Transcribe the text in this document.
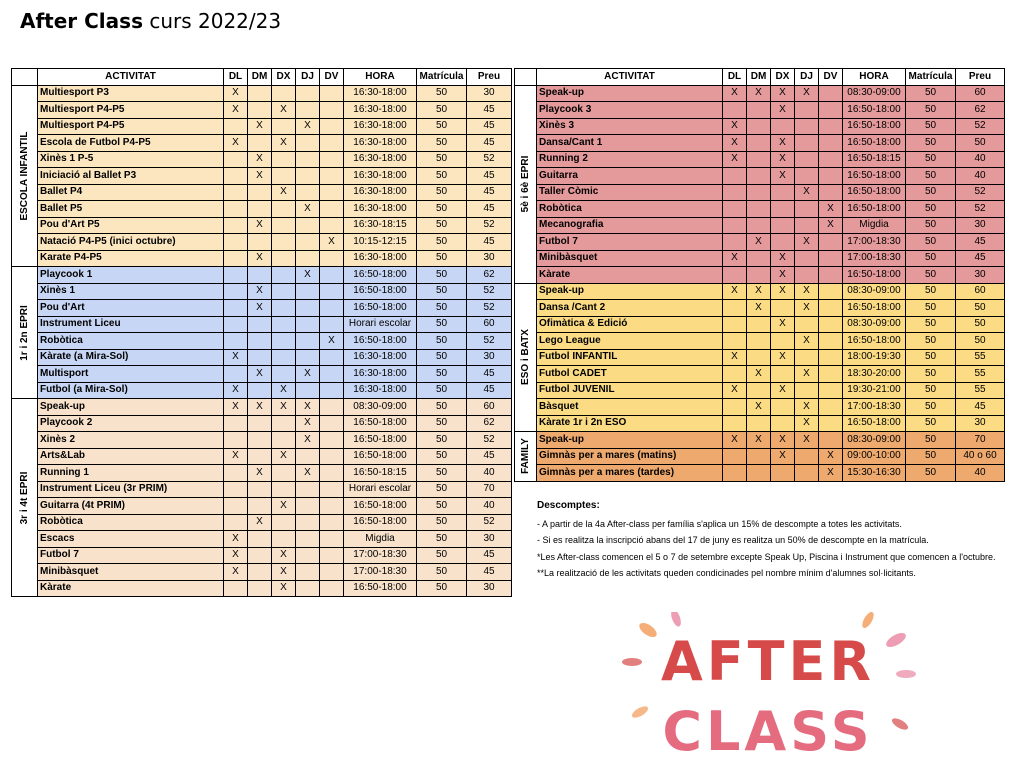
After Class curs 2022/23
	ACTIVITAT	DL	DM	DX	DJ	DV	HORA	Matrícula	Preu

ESCOLA INFANTIL	Multiesport P3	X					16:30-18:00	50	30
	Multiesport P4-P5	X		X			16:30-18:00	50	45
	Multiesport P4-P5		X		X		16:30-18:00	50	45
	Escola de Futbol P4-P5	X		X			16:30-18:00	50	45
	Xinès 1 P-5		X				16:30-18:00	50	52
	Iniciació al Ballet P3		X				16:30-18:00	50	45
	Ballet P4			X			16:30-18:00	50	45
	Ballet P5				X		16:30-18:00	50	45
	Pou d'Art P5		X				16:30-18:15	50	52
	Natació P4-P5 (inici octubre)					X	10:15-12:15	50	45
	Karate P4-P5		X				16:30-18:00	50	30

1r i 2n EPRI	Playcook 1				X		16:50-18:00	50	62
	Xinès 1		X				16:50-18:00	50	52
	Pou d'Art		X				16:50-18:00	50	52
	Instrument Liceu						Horari escolar	50	60
	Robòtica					X	16:50-18:00	50	52
	Kàrate (a Mira-Sol)	X					16:30-18:00	50	30
	Multisport		X		X		16:30-18:00	50	45
	Futbol (a Mira-Sol)	X		X			16:30-18:00	50	45

3r i 4t EPRI	Speak-up	X	X	X	X		08:30-09:00	50	60
	Playcook 2				X		16:50-18:00	50	62
	Xinès 2				X		16:50-18:00	50	52
	Arts&Lab	X		X			16:50-18:00	50	45
	Running 1		X		X		16:50-18:15	50	40
	Instrument Liceu (3r PRIM)						Horari escolar	50	70
	Guitarra (4t PRIM)			X			16:50-18:00	50	40
	Robòtica		X				16:50-18:00	50	52
	Escacs	X					Migdia	50	30
	Futbol 7	X		X			17:00-18:30	50	45
	Minibàsquet	X		X			17:00-18:30	50	45
	Kàrate			X			16:50-18:00	50	30
	ACTIVITAT	DL	DM	DX	DJ	DV	HORA	Matrícula	Preu

5è i 6è EPRI	Speak-up	X	X	X	X		08:30-09:00	50	60
	Playcook 3			X			16:50-18:00	50	62
	Xinès 3	X					16:50-18:00	50	52
	Dansa/Cant 1	X		X			16:50-18:00	50	50
	Running 2	X		X			16:50-18:15	50	40
	Guitarra			X			16:50-18:00	50	40
	Taller Còmic				X		16:50-18:00	50	52
	Robòtica					X	16:50-18:00	50	52
	Mecanografia					X	Migdia	50	30
	Futbol 7		X		X		17:00-18:30	50	45
	Minibàsquet	X		X			17:00-18:30	50	45
	Kàrate			X			16:50-18:00	50	30

ESO i BATX	Speak-up	X	X	X	X		08:30-09:00	50	60
	Dansa /Cant 2		X		X		16:50-18:00	50	50
	Ofimàtica & Edició			X			08:30-09:00	50	50
	Lego League				X		16:50-18:00	50	50
	Futbol INFANTIL	X		X			18:00-19:30	50	55
	Futbol CADET		X		X		18:30-20:00	50	55
	Futbol JUVENIL	X		X			19:30-21:00	50	55
	Bàsquet		X		X		17:00-18:30	50	45
	Kàrate 1r i 2n ESO				X		16:50-18:00	50	30

FAMILY	Speak-up	X	X	X	X		08:30-09:00	50	70
	Gimnàs per a mares (matins)			X		X	09:00-10:00	50	40 o 60
	Gimnàs per a mares (tardes)					X	15:30-16:30	50	40
Descomptes:

- A partir de la 4a After-class per família s'aplica un 15% de descompte a totes les activitats.

- Si es realitza la inscripció abans del 17 de juny es realitza un 50% de descompte en la matrícula.

*Les After-class comencen el 5 o 7 de setembre excepte Speak Up, Piscina i Instrument que comencen a l'octubre.

**La realització de les activitats queden condicinades pel nombre mínim d'alumnes sol·licitants.

AFTER
CLASS
